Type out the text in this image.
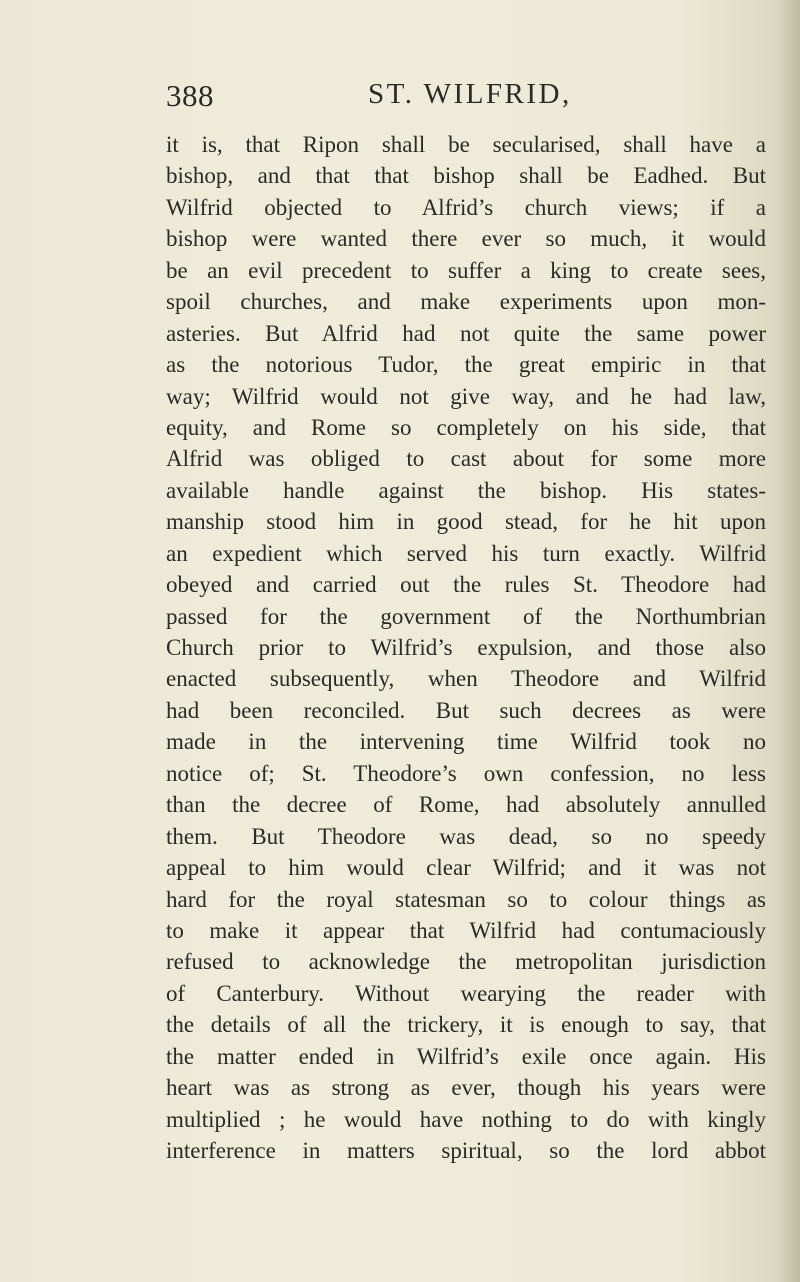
388	ST. WILFRID,
it is, that Ripon shall be secularised, shall have a
bishop, and that that bishop shall be Eadhed. But
Wilfrid objected to Alfrid’s church views; if a
bishop were wanted there ever so much, it would
be an evil precedent to suffer a king to create sees,
spoil churches, and make experiments upon mon-
asteries. But Alfrid had not quite the same power
as the notorious Tudor, the great empiric in that
way; Wilfrid would not give way, and he had law,
equity, and Rome so completely on his side, that
Alfrid was obliged to cast about for some more
available handle against the bishop. His states-
manship stood him in good stead, for he hit upon
an expedient which served his turn exactly. Wilfrid
obeyed and carried out the rules St. Theodore had
passed for the government of the Northumbrian
Church prior to Wilfrid’s expulsion, and those also
enacted subsequently, when Theodore and Wilfrid
had been reconciled. But such decrees as were
made in the intervening time Wilfrid took no
notice of; St. Theodore’s own confession, no less
than the decree of Rome, had absolutely annulled
them. But Theodore was dead, so no speedy
appeal to him would clear Wilfrid; and it was not
hard for the royal statesman so to colour things as
to make it appear that Wilfrid had contumaciously
refused to acknowledge the metropolitan jurisdiction
of Canterbury. Without wearying the reader with
the details of all the trickery, it is enough to say, that
the matter ended in Wilfrid’s exile once again. His
heart was as strong as ever, though his years were
multiplied ; he would have nothing to do with kingly
interference in matters spiritual, so the lord abbot
